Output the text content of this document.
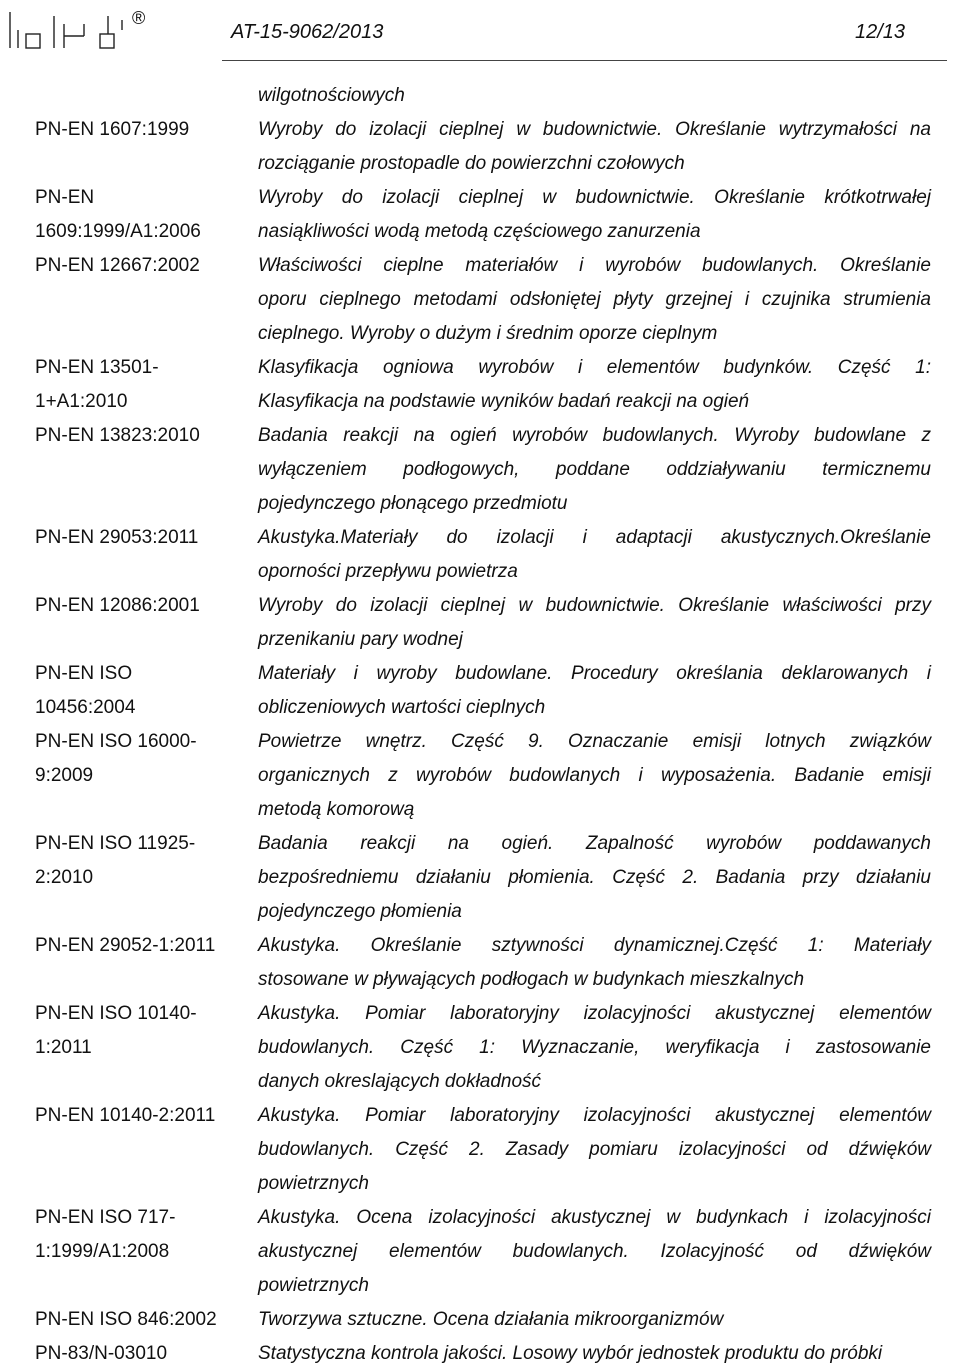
®
AT-15-9062/2013	12/13
wilgotnościowych
PN-EN 1607:1999	Wyroby do izolacji cieplnej w budownictwie. Określanie wytrzymałości na
rozciąganie prostopadle do powierzchni czołowych
PN-EN	Wyroby do izolacji cieplnej w budownictwie. Określanie krótkotrwałej
1609:1999/A1:2006	nasiąkliwości wodą metodą częściowego zanurzenia
PN-EN 12667:2002	Właściwości cieplne materiałów i wyrobów budowlanych. Określanie
oporu cieplnego metodami odsłoniętej płyty grzejnej i czujnika strumienia
cieplnego. Wyroby o dużym i średnim oporze cieplnym
PN-EN 13501-	Klasyfikacja ogniowa wyrobów i elementów budynków. Część 1:
1+A1:2010	Klasyfikacja na podstawie wyników badań reakcji na ogień
PN-EN 13823:2010	Badania reakcji na ogień wyrobów budowlanych. Wyroby budowlane z
wyłączeniem podłogowych, poddane oddziaływaniu termicznemu
pojedynczego płonącego przedmiotu
PN-EN 29053:2011	Akustyka.Materiały do izolacji i adaptacji akustycznych.Określanie
oporności przepływu powietrza
PN-EN 12086:2001	Wyroby do izolacji cieplnej w budownictwie. Określanie właściwości przy
przenikaniu pary wodnej
PN-EN ISO	Materiały i wyroby budowlane. Procedury określania deklarowanych i
10456:2004	obliczeniowych wartości cieplnych
PN-EN ISO 16000-	Powietrze wnętrz. Część 9. Oznaczanie emisji lotnych związków
9:2009	organicznych z wyrobów budowlanych i wyposażenia. Badanie emisji
metodą komorową
PN-EN ISO 11925-	Badania reakcji na ogień. Zapalność wyrobów poddawanych
2:2010	bezpośredniemu działaniu płomienia. Część 2. Badania przy działaniu
pojedynczego płomienia
PN-EN 29052-1:2011 Akustyka. Określanie sztywności dynamicznej.Część 1: Materiały
stosowane w pływających podłogach w budynkach mieszkalnych
PN-EN ISO 10140-	Akustyka. Pomiar laboratoryjny izolacyjności akustycznej elementów
1:2011	budowlanych. Część 1: Wyznaczanie, weryfikacja i zastosowanie
danych okreslających dokładność
PN-EN 10140-2:2011 Akustyka. Pomiar laboratoryjny izolacyjności akustycznej elementów
budowlanych. Część 2. Zasady pomiaru izolacyjności od dźwięków
powietrznych
PN-EN ISO 717-	Akustyka. Ocena izolacyjności akustycznej w budynkach i izolacyjności
1:1999/A1:2008	akustycznej elementów budowlanych. Izolacyjność od dźwięków
powietrznych
PN-EN ISO 846:2002 Tworzywa sztuczne. Ocena działania mikroorganizmów
PN-83/N-03010	Statystyczna kontrola jakości. Losowy wybór jednostek produktu do próbki
